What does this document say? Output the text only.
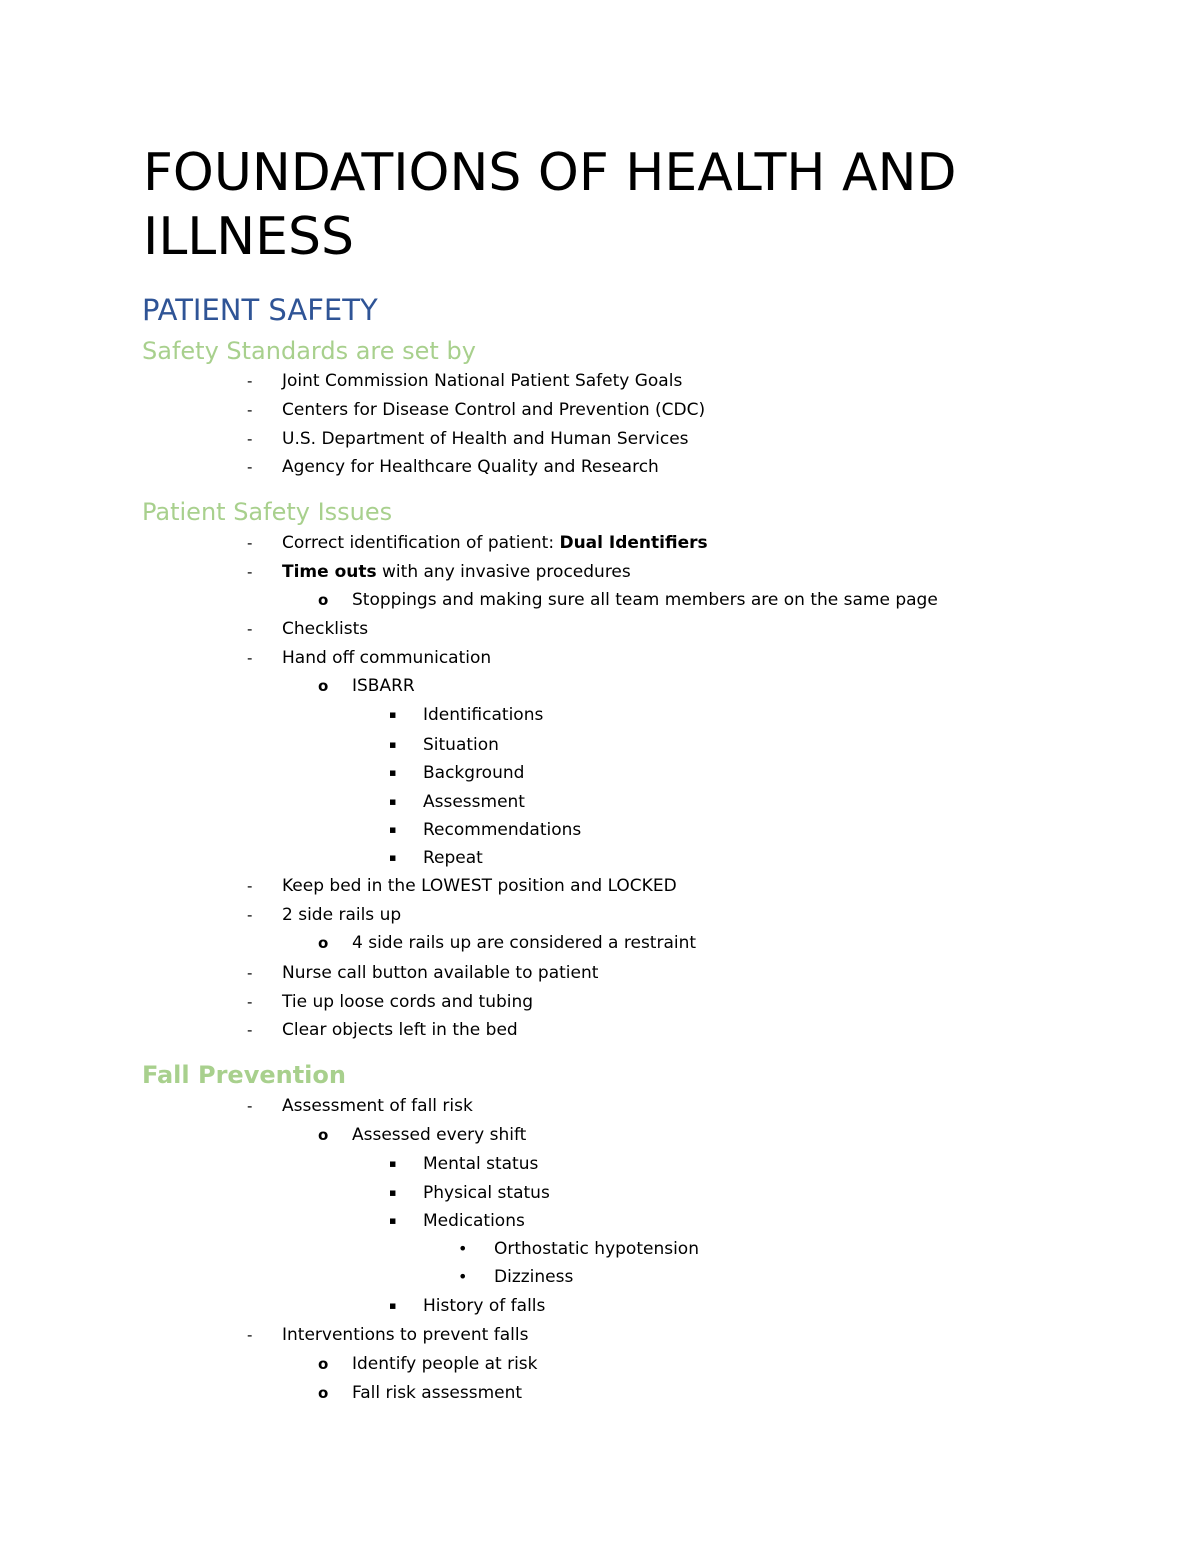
FOUNDATIONS OF HEALTH AND ILLNESS
PATIENT SAFETY
Safety Standards are set by
- Joint Commission National Patient Safety Goals
- Centers for Disease Control and Prevention (CDC)
- U.S. Department of Health and Human Services
- Agency for Healthcare Quality and Research
Patient Safety Issues
- Correct identification of patient: Dual Identifiers
- Time outs with any invasive procedures
o Stoppings and making sure all team members are on the same page
- Checklists
- Hand off communication
o ISBARR
▪ Identifications
▪ Situation
▪ Background
▪ Assessment
▪ Recommendations
▪ Repeat
- Keep bed in the LOWEST position and LOCKED
- 2 side rails up
o 4 side rails up are considered a restraint
- Nurse call button available to patient
- Tie up loose cords and tubing
- Clear objects left in the bed
Fall Prevention
- Assessment of fall risk
o Assessed every shift
▪ Mental status
▪ Physical status
▪ Medications
• Orthostatic hypotension
• Dizziness
▪ History of falls
- Interventions to prevent falls
o Identify people at risk
o Fall risk assessment
